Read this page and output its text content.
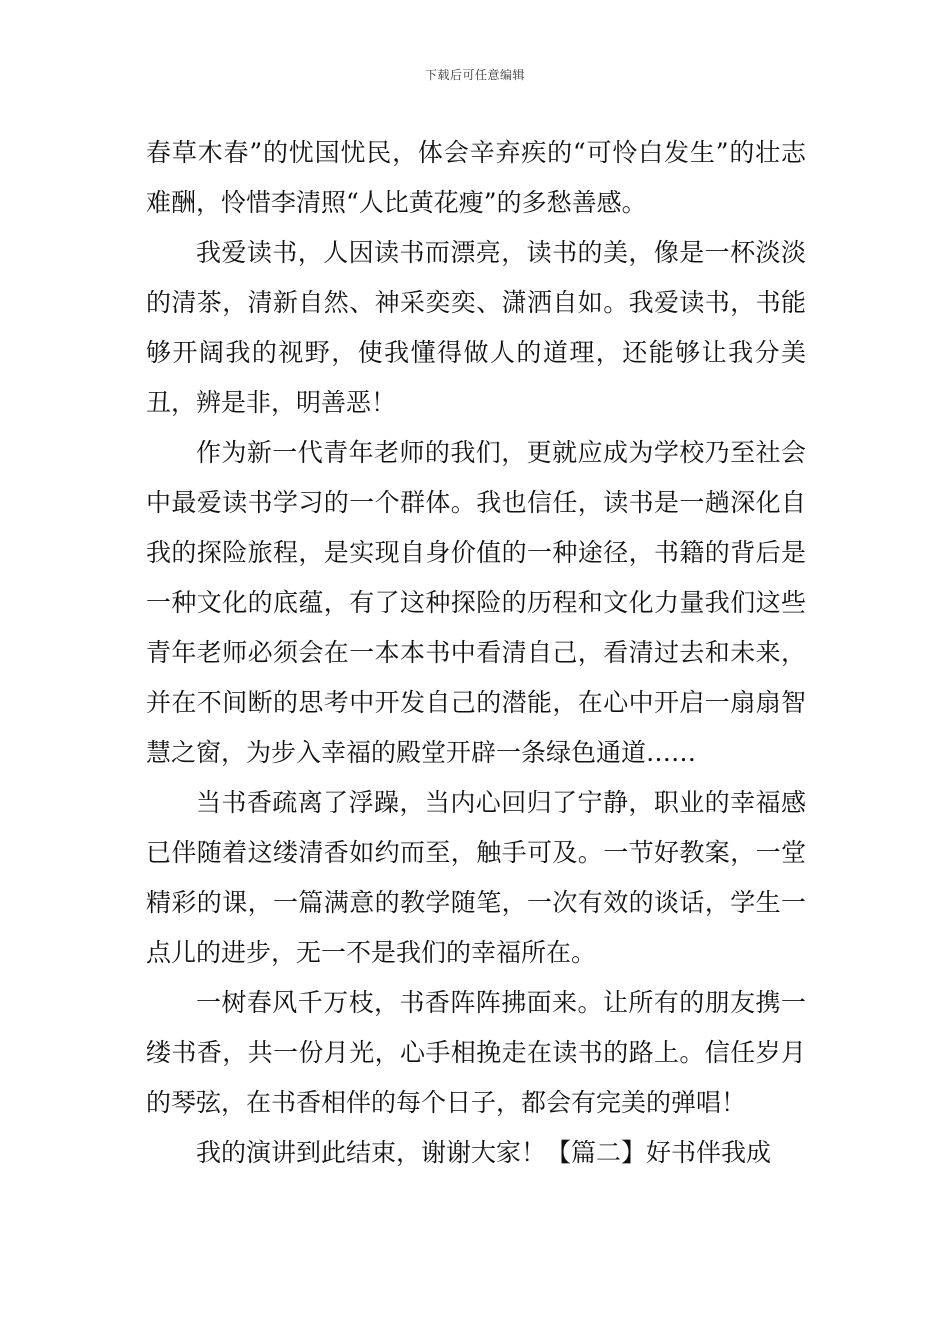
下载后可任意编辑

春草木春”的忧国忧民，体会辛弃疾的“可怜白发生”的壮志难酬，怜惜李清照“人比黄花瘦”的多愁善感。

我爱读书，人因读书而漂亮，读书的美，像是一杯淡淡的清茶，清新自然、神采奕奕、潇洒自如。我爱读书，书能够开阔我的视野，使我懂得做人的道理，还能够让我分美丑，辨是非，明善恶！

作为新一代青年老师的我们，更就应成为学校乃至社会中最爱读书学习的一个群体。我也信任，读书是一趟深化自我的探险旅程，是实现自身价值的一种途径，书籍的背后是一种文化的底蕴，有了这种探险的历程和文化力量我们这些青年老师必须会在一本本书中看清自己，看清过去和未来，并在不间断的思考中开发自己的潜能，在心中开启一扇扇智慧之窗，为步入幸福的殿堂开辟一条绿色通道……

当书香疏离了浮躁，当内心回归了宁静，职业的幸福感已伴随着这缕清香如约而至，触手可及。一节好教案，一堂精彩的课，一篇满意的教学随笔，一次有效的谈话，学生一点儿的进步，无一不是我们的幸福所在。

一树春风千万枝，书香阵阵拂面来。让所有的朋友携一缕书香，共一份月光，心手相挽走在读书的路上。信任岁月的琴弦，在书香相伴的每个日子，都会有完美的弹唱！

我的演讲到此结束，谢谢大家！【篇二】好书伴我成
